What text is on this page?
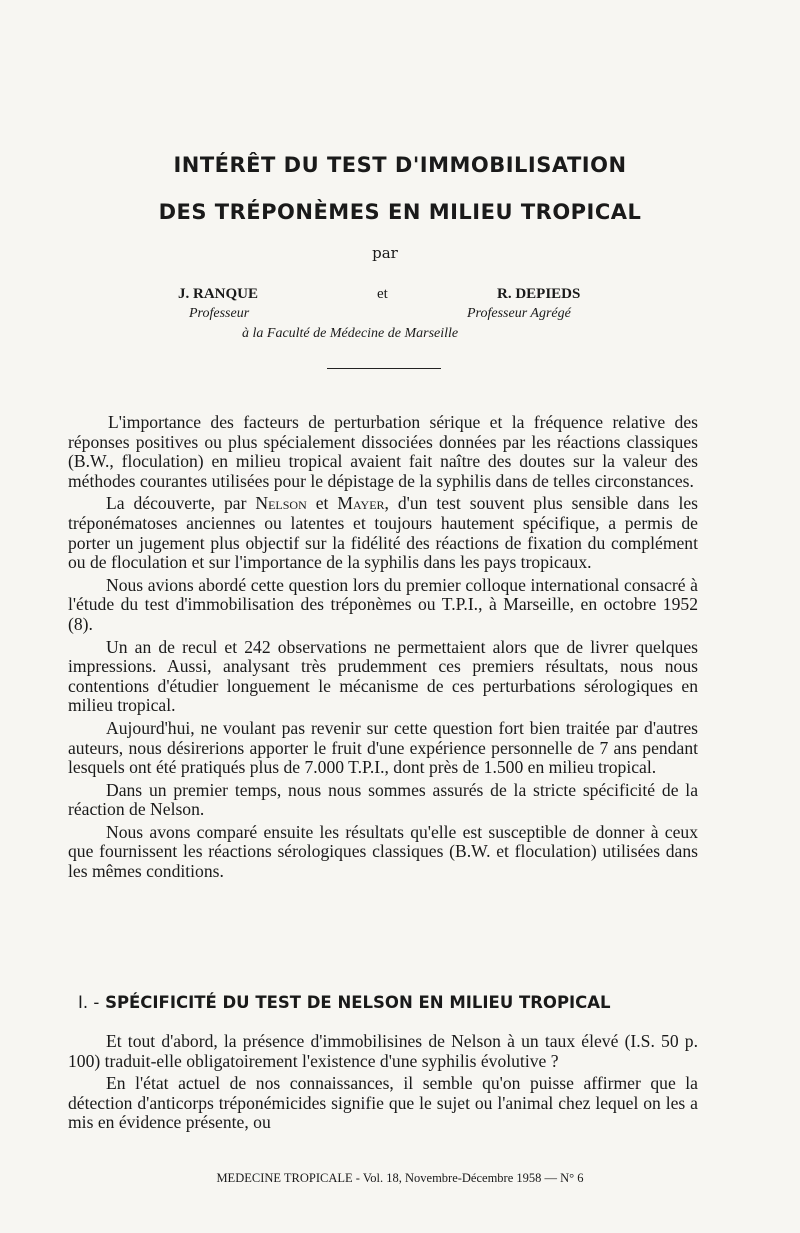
INTÉRÊT DU TEST D'IMMOBILISATION
DES TRÉPONÈMES EN MILIEU TROPICAL
par
J. RANQUE	et	R. DEPIEDS
Professeur	Professeur Agrégé
à la Faculté de Médecine de Marseille

L'importance des facteurs de perturbation sérique et la fréquence relative des réponses positives ou plus spécialement dissociées données par les réactions classiques (B.W., floculation) en milieu tropical avaient fait naître des doutes sur la valeur des méthodes courantes utilisées pour le dépistage de la syphilis dans de telles circonstances.

La découverte, par Nelson et Mayer, d'un test souvent plus sensible dans les tréponématoses anciennes ou latentes et toujours hautement spécifique, a permis de porter un jugement plus objectif sur la fidélité des réactions de fixation du complément ou de floculation et sur l'importance de la syphilis dans les pays tropicaux.

Nous avions abordé cette question lors du premier colloque international consacré à l'étude du test d'immobilisation des tréponèmes ou T.P.I., à Marseille, en octobre 1952 (8).

Un an de recul et 242 observations ne permettaient alors que de livrer quelques impressions. Aussi, analysant très prudemment ces premiers résultats, nous nous contentions d'étudier longuement le mécanisme de ces perturbations sérologiques en milieu tropical.

Aujourd'hui, ne voulant pas revenir sur cette question fort bien traitée par d'autres auteurs, nous désirerions apporter le fruit d'une expérience personnelle de 7 ans pendant lesquels ont été pratiqués plus de 7.000 T.P.I., dont près de 1.500 en milieu tropical.

Dans un premier temps, nous nous sommes assurés de la stricte spécificité de la réaction de Nelson.

Nous avons comparé ensuite les résultats qu'elle est susceptible de donner à ceux que fournissent les réactions sérologiques classiques (B.W. et floculation) utilisées dans les mêmes conditions.

I. - SPÉCIFICITÉ DU TEST DE NELSON EN MILIEU TROPICAL

Et tout d'abord, la présence d'immobilisines de Nelson à un taux élevé (I.S. 50 p. 100) traduit-elle obligatoirement l'existence d'une syphilis évolutive ?

En l'état actuel de nos connaissances, il semble qu'on puisse affirmer que la détection d'anticorps tréponémicides signifie que le sujet ou l'animal chez lequel on les a mis en évidence présente, ou

MEDECINE TROPICALE - Vol. 18, Novembre-Décembre 1958 — N° 6
